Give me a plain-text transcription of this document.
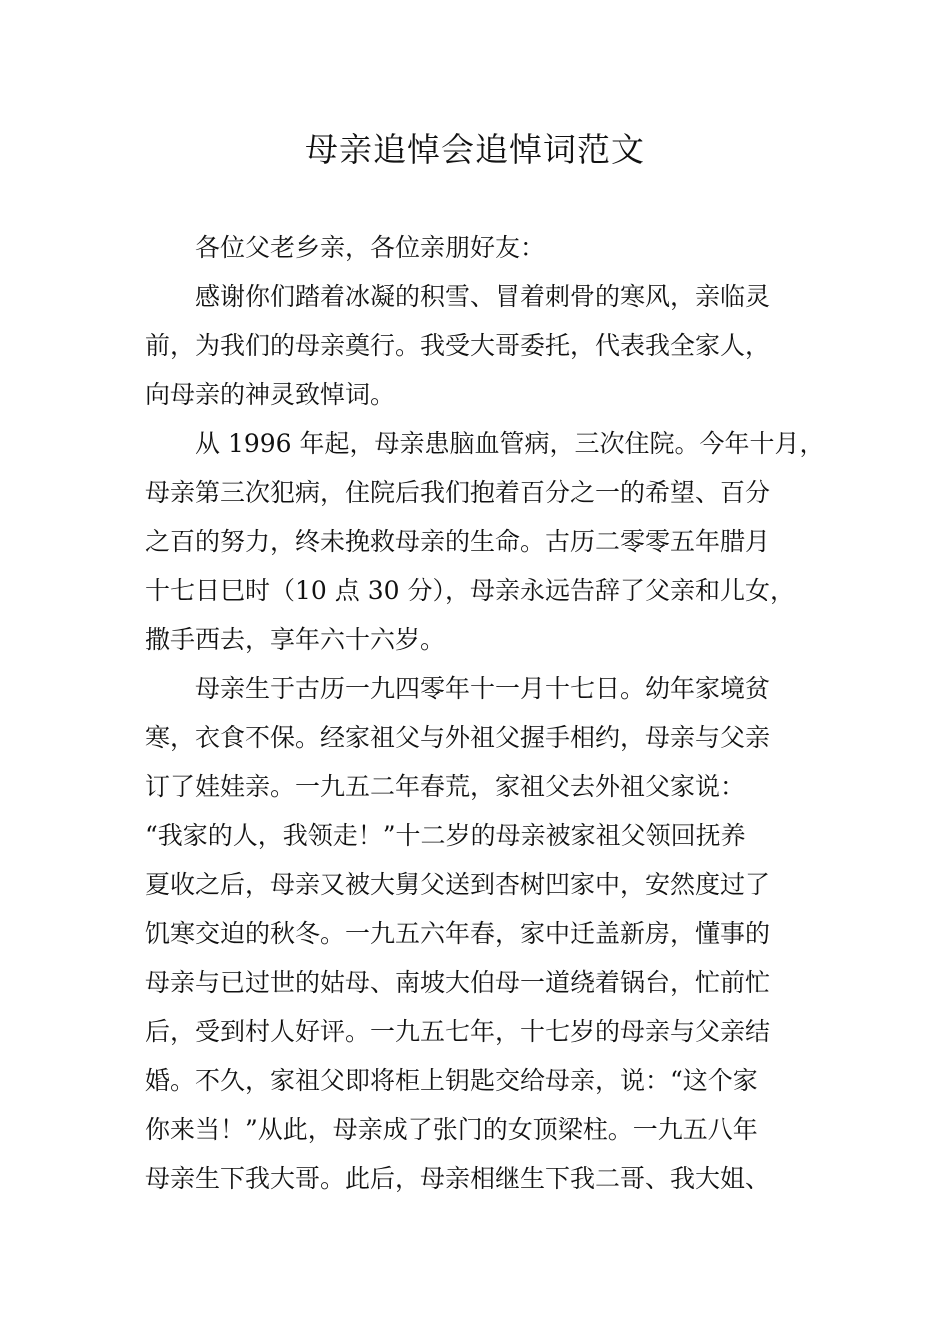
母亲追悼会追悼词范文
各位父老乡亲，各位亲朋好友：
感谢你们踏着冰凝的积雪、冒着刺骨的寒风，亲临灵
前，为我们的母亲奠行。我受大哥委托，代表我全家人，
向母亲的神灵致悼词。
从 1996 年起，母亲患脑血管病，三次住院。今年十月，
母亲第三次犯病，住院后我们抱着百分之一的希望、百分
之百的努力，终未挽救母亲的生命。古历二零零五年腊月
十七日巳时（10 点 30 分），母亲永远告辞了父亲和儿女，
撒手西去，享年六十六岁。
母亲生于古历一九四零年十一月十七日。幼年家境贫
寒，衣食不保。经家祖父与外祖父握手相约，母亲与父亲
订了娃娃亲。一九五二年春荒，家祖父去外祖父家说：
“我家的人，我领走！”十二岁的母亲被家祖父领回抚养
夏收之后，母亲又被大舅父送到杏树凹家中，安然度过了
饥寒交迫的秋冬。一九五六年春，家中迁盖新房，懂事的
母亲与已过世的姑母、南坡大伯母一道绕着锅台，忙前忙
后，受到村人好评。一九五七年，十七岁的母亲与父亲结
婚。不久，家祖父即将柜上钥匙交给母亲，说：“这个家
你来当！”从此，母亲成了张门的女顶梁柱。一九五八年
母亲生下我大哥。此后，母亲相继生下我二哥、我大姐、
